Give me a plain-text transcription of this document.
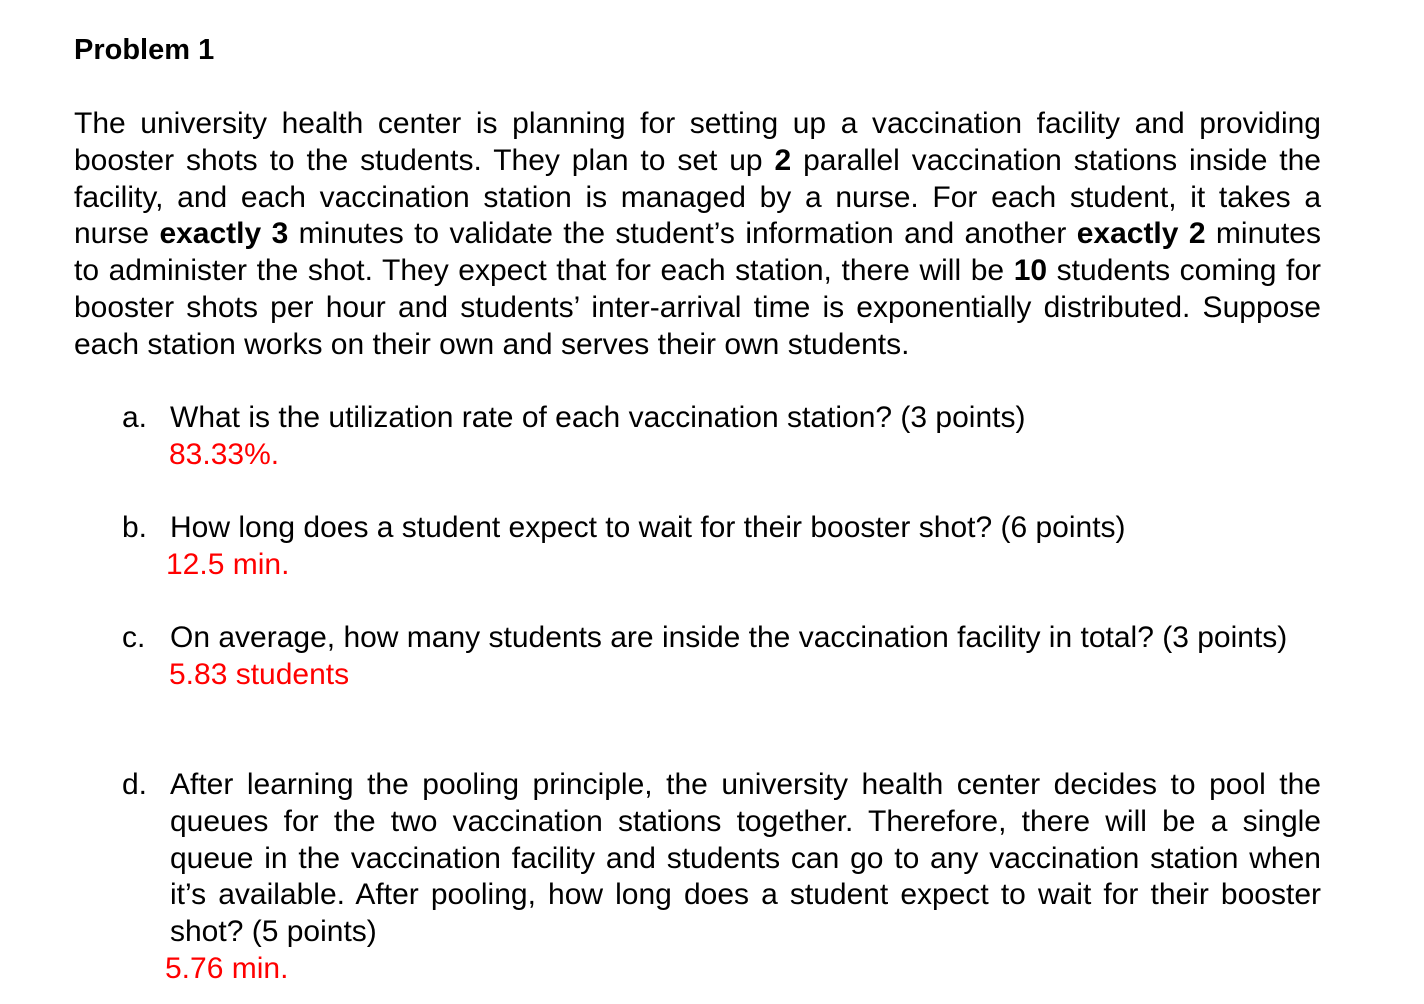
Problem 1
The university health center is planning for setting up a vaccination facility and providing booster shots to the students. They plan to set up 2 parallel vaccination stations inside the facility, and each vaccination station is managed by a nurse. For each student, it takes a nurse exactly 3 minutes to validate the student’s information and another exactly 2 minutes to administer the shot. They expect that for each station, there will be 10 students coming for booster shots per hour and students’ inter-arrival time is exponentially distributed. Suppose each station works on their own and serves their own students.
a. What is the utilization rate of each vaccination station? (3 points)
83.33%.
b. How long does a student expect to wait for their booster shot? (6 points)
12.5 min.
c. On average, how many students are inside the vaccination facility in total? (3 points)
5.83 students
d. After learning the pooling principle, the university health center decides to pool the queues for the two vaccination stations together. Therefore, there will be a single queue in the vaccination facility and students can go to any vaccination station when it’s available. After pooling, how long does a student expect to wait for their booster shot? (5 points)
5.76 min.
